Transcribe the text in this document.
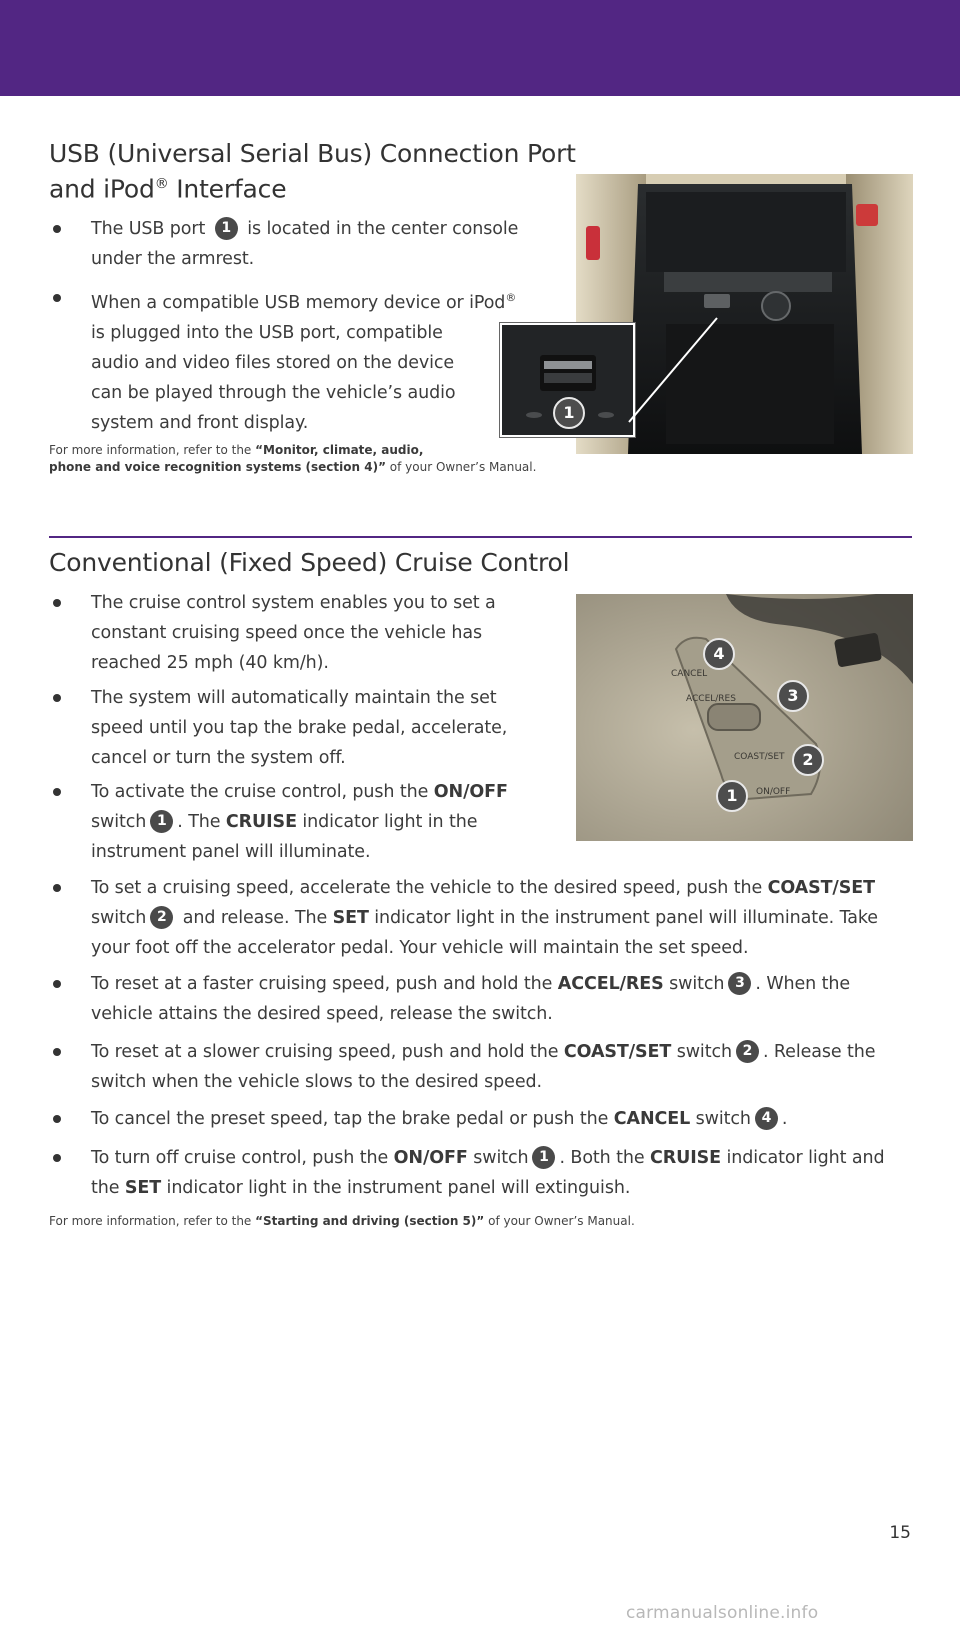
USB (Universal Serial Bus) Connection Port
and iPod® Interface
The USB port 1 is located in the center console
under the armrest.
When a compatible USB memory device or iPod®
is plugged into the USB port, compatible
audio and video files stored on the device
can be played through the vehicle’s audio
system and front display.
For more information, refer to the “Monitor, climate, audio,
phone and voice recognition systems (section 4)” of your Owner’s Manual.
1
Conventional (Fixed Speed) Cruise Control
The cruise control system enables you to set a
constant cruising speed once the vehicle has
reached 25 mph (40 km/h).
The system will automatically maintain the set
speed until you tap the brake pedal, accelerate,
cancel or turn the system off.
To activate the cruise control, push the ON/OFF
switch 1 . The CRUISE indicator light in the
instrument panel will illuminate.
To set a cruising speed, accelerate the vehicle to the desired speed, push the COAST/SET
switch 2 and release. The SET indicator light in the instrument panel will illuminate. Take
your foot off the accelerator pedal. Your vehicle will maintain the set speed.
To reset at a faster cruising speed, push and hold the ACCEL/RES switch 3 . When the
vehicle attains the desired speed, release the switch.
To reset at a slower cruising speed, push and hold the COAST/SET switch 2 . Release the
switch when the vehicle slows to the desired speed.
To cancel the preset speed, tap the brake pedal or push the CANCEL switch 4 .
To turn off cruise control, push the ON/OFF switch 1 . Both the CRUISE indicator light and
the SET indicator light in the instrument panel will extinguish.
For more information, refer to the “Starting and driving (section 5)” of your Owner’s Manual.
CANCEL
ACCEL/RES
COAST/SET
ON/OFF
4
3
2
1
15
carmanualsonline.info
